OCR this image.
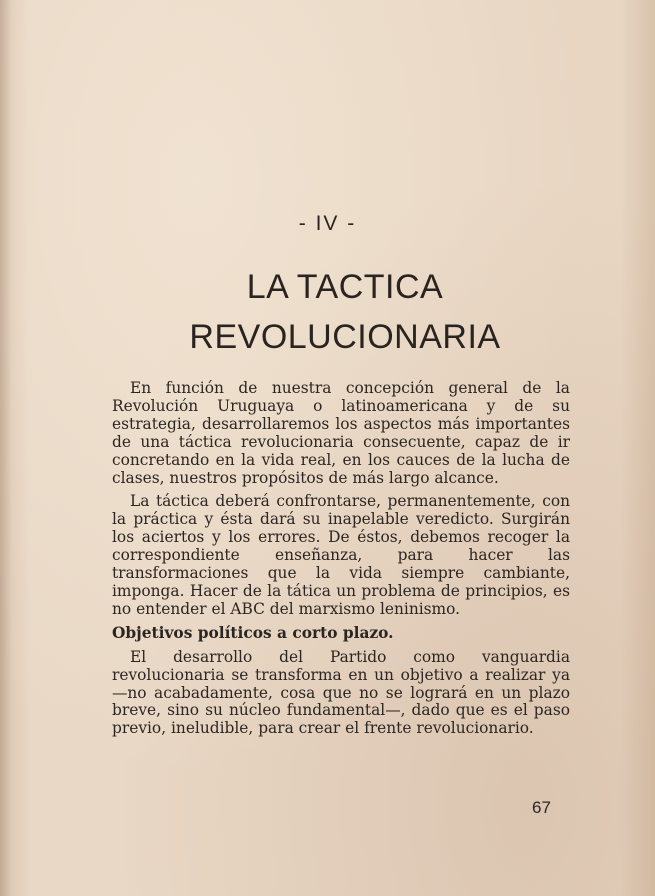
- IV -
LA TACTICA
REVOLUCIONARIA

En función de nuestra concepción general de la Revolución Uruguaya o latinoamericana y de su estrategia, desarrollaremos los aspectos más importantes de una táctica revolucionaria consecuente, capaz de ir concretando en la vida real, en los cauces de la lucha de clases, nuestros propósitos de más largo alcance.

La táctica deberá confrontarse, permanentemente, con la práctica y ésta dará su inapelable veredicto. Surgirán los aciertos y los errores. De éstos, debemos recoger la correspondiente enseñanza, para hacer las transformaciones que la vida siempre cambiante, imponga. Hacer de la tática un problema de principios, es no entender el ABC del marxismo leninismo.

Objetivos políticos a corto plazo.

El desarrollo del Partido como vanguardia revolucionaria se transforma en un objetivo a realizar ya —no acabadamente, cosa que no se logrará en un plazo breve, sino su núcleo fundamental—, dado que es el paso previo, ineludible, para crear el frente revolucionario.

67
